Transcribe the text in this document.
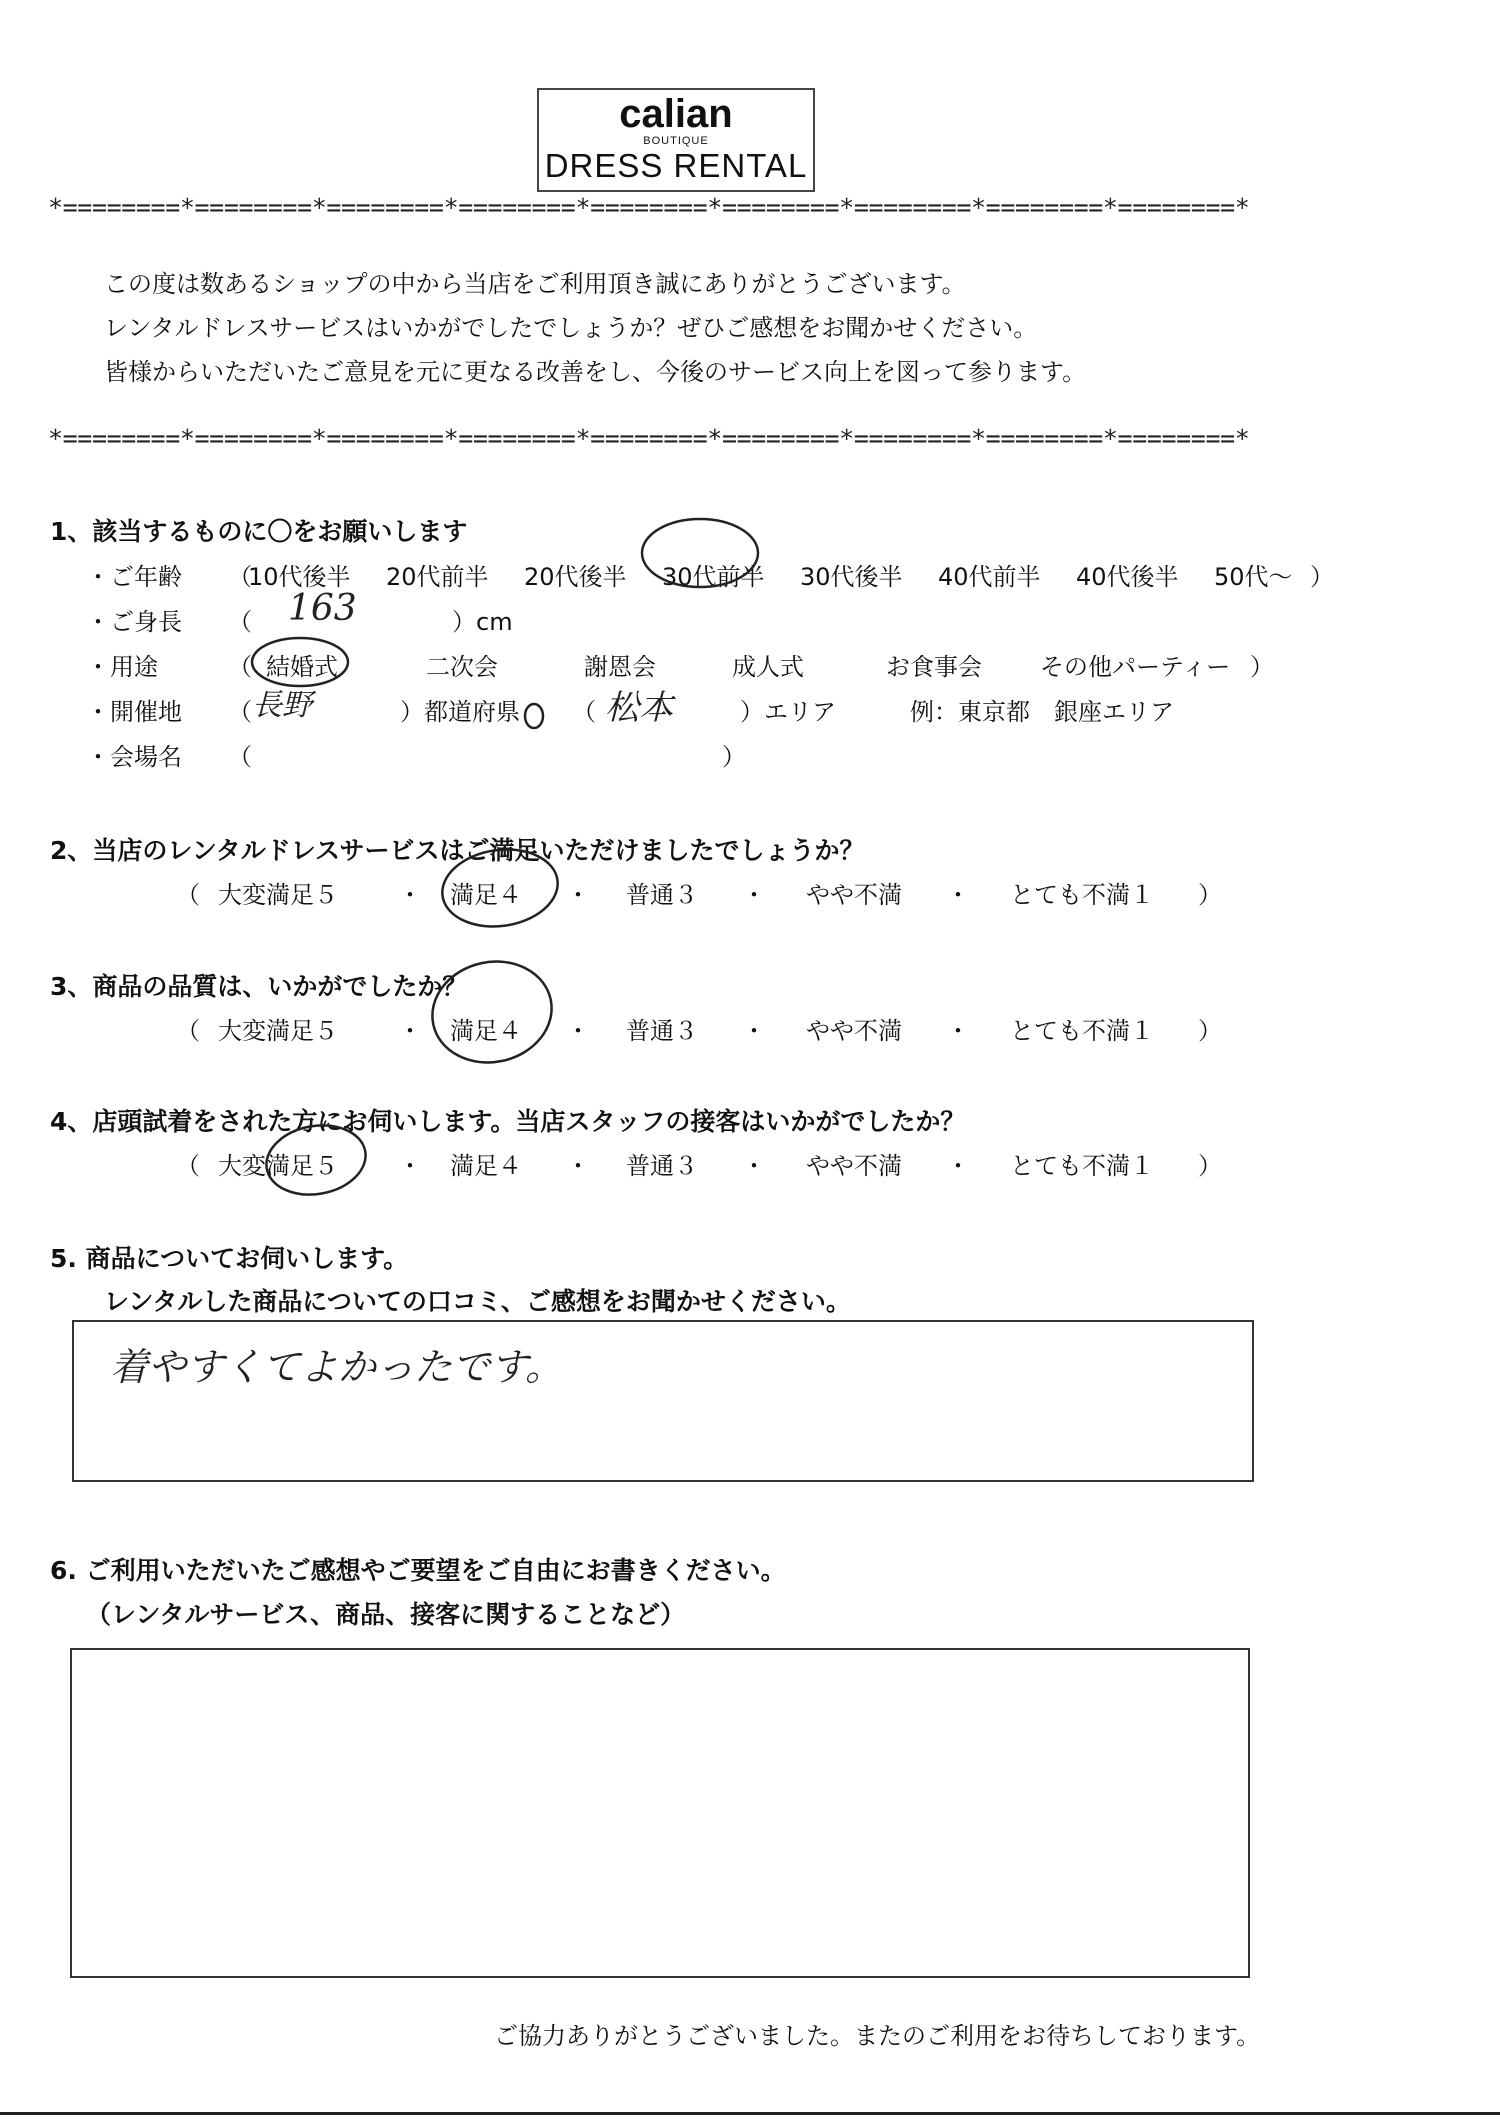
calian
BOUTIQUE
DRESS RENTAL
*========*========*========*========*========*========*========*========*========*
*========*========*========*========*========*========*========*========*========*
この度は数あるショップの中から当店をご利用頂き誠にありがとうございます。
レンタルドレスサービスはいかがでしたでしょうか？ぜひご感想をお聞かせください。
皆様からいただいたご意見を元に更なる改善をし、今後のサービス向上を図って参ります。
1、該当するものに〇をお願いします
・ご年齢 （
10代後半 20代前半 20代後半 30代前半 30代後半 40代前半 40代後半 50代〜 ）
・ご身長 （ 163	）cm
・用途	（ 結婚式	二次会	謝恩会	成人式	お食事会 その他パーティー ）
・開催地 （ 長野	）都道府県 （ 松本	）エリア	例：東京都　銀座エリア
・会場名 （	）
2、当店のレンタルドレスサービスはご満足いただけましたでしょうか？
（ 大変満足５	満足４	普通３	やや不満	とても不満１ ）
・	・	・	・
3、商品の品質は、いかがでしたか？
（ 大変満足５	満足４	普通３	やや不満	とても不満１ ）
・	・	・	・
4、店頭試着をされた方にお伺いします。当店スタッフの接客はいかがでしたか？
（ 大変満足５	満足４	普通３	やや不満	とても不満１ ）
・	・	・	・
5. 商品についてお伺いします。
レンタルした商品についての口コミ、ご感想をお聞かせください。
着やすくてよかったです。
6. ご利用いただいたご感想やご要望をご自由にお書きください。
（レンタルサービス、商品、接客に関することなど）
ご協力ありがとうございました。またのご利用をお待ちしております。
